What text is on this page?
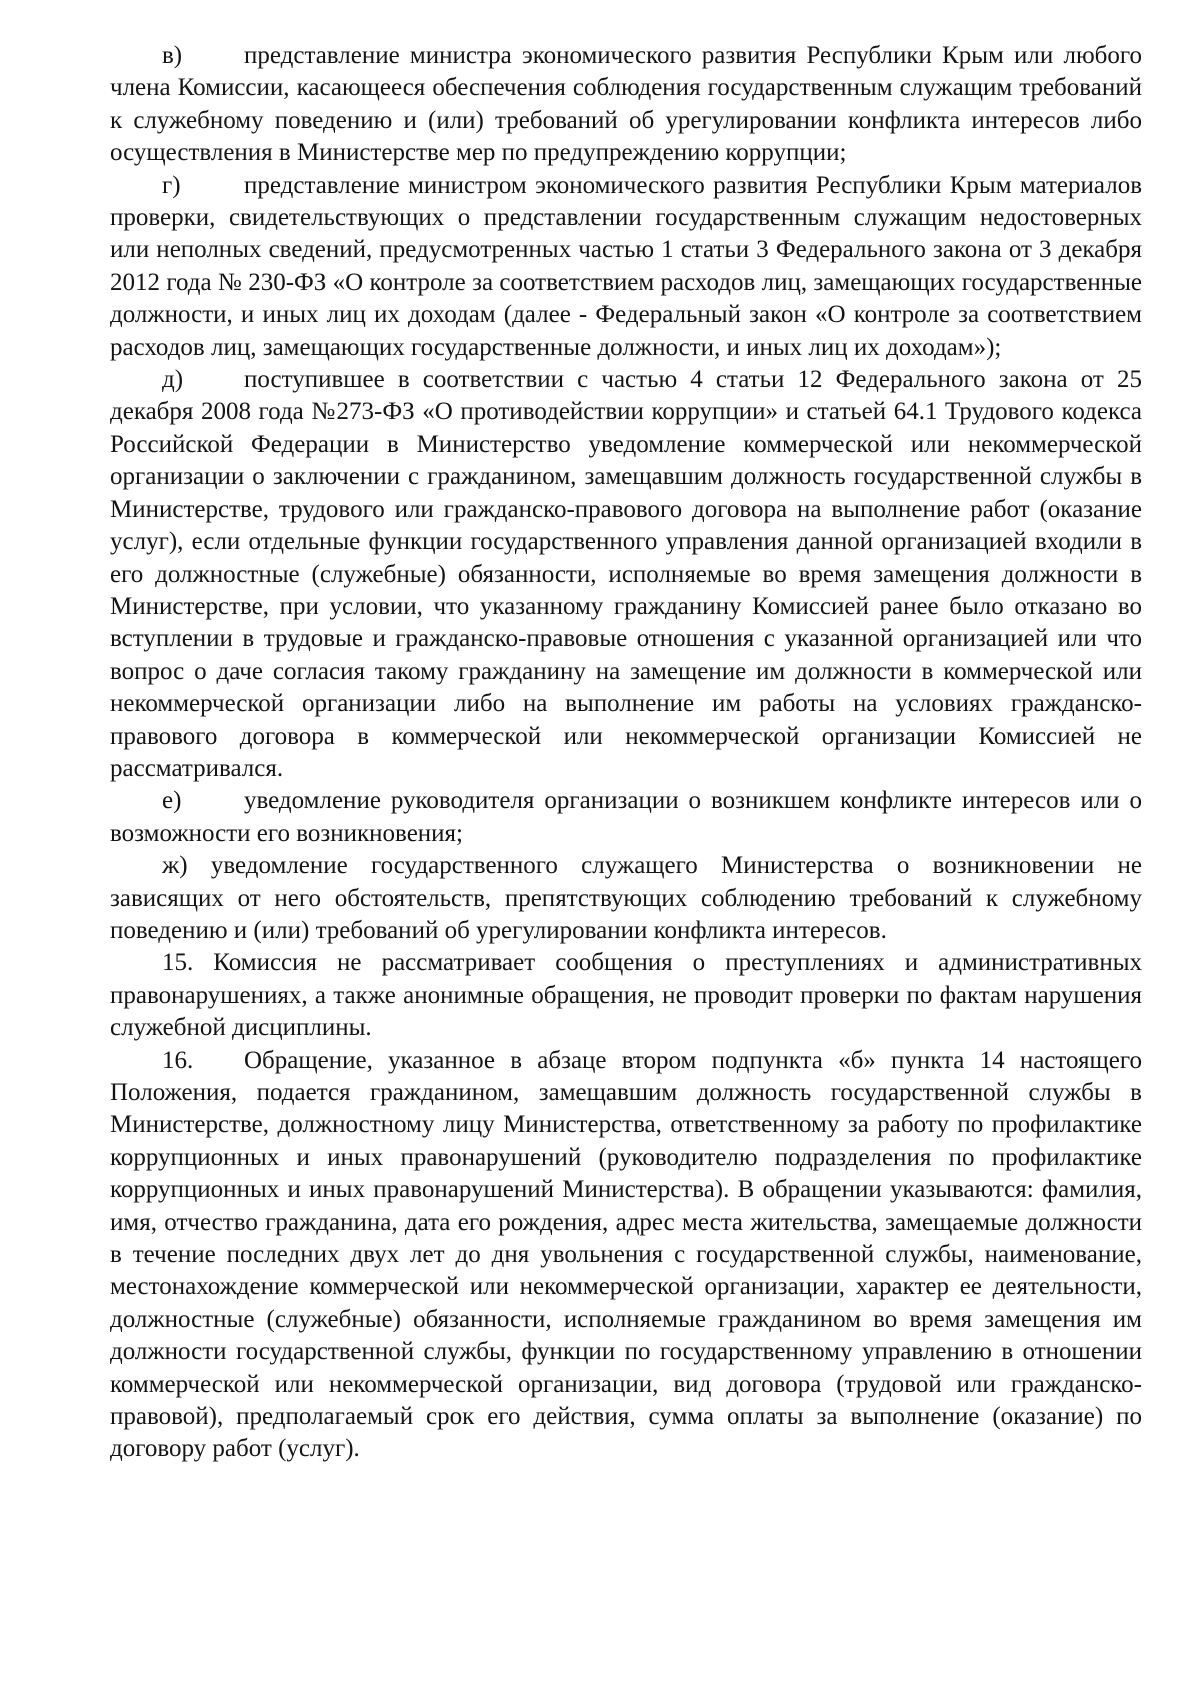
в) представление министра экономического развития Республики Крым или любого члена Комиссии, касающееся обеспечения соблюдения государственным служащим требований к служебному поведению и (или) требований об урегулировании конфликта интересов либо осуществления в Министерстве мер по предупреждению коррупции;

г)	представление министром экономического развития Республики Крым материалов проверки, свидетельствующих о представлении государственным служащим недостоверных или неполных сведений, предусмотренных частью 1 статьи 3 Федерального закона от 3 декабря 2012 года № 230-ФЗ «О контроле за соответствием расходов лиц, замещающих государственные должности, и иных лиц их доходам (далее - Федеральный закон «О контроле за соответствием расходов лиц, замещающих государственные должности, и иных лиц их доходам»);

д) поступившее в соответствии с частью 4 статьи 12 Федерального закона от 25 декабря 2008 года №273-ФЗ «О противодействии коррупции» и статьей 64.1 Трудового кодекса Российской Федерации в Министерство уведомление коммерческой или некоммерческой организации о заключении с гражданином, замещавшим должность государственной службы в Министерстве, трудового или гражданско-правового договора на выполнение работ (оказание услуг), если отдельные функции государственного управления данной организацией входили в его должностные (служебные) обязанности, исполняемые во время замещения должности в Министерстве, при условии, что указанному гражданину Комиссией ранее было отказано во вступлении в трудовые и гражданско-правовые отношения с указанной организацией или что вопрос о даче согласия такому гражданину на замещение им должности в коммерческой или некоммерческой организации либо на выполнение им работы на условиях гражданско-правового договора в коммерческой или некоммерческой организации Комиссией не рассматривался.

е)	уведомление руководителя организации о возникшем конфликте интересов или о возможности его возникновения;

ж) уведомление государственного служащего Министерства о возникновении не зависящих от него обстоятельств, препятствующих соблюдению требований к служебному поведению и (или) требований об урегулировании конфликта интересов.

15. Комиссия не рассматривает сообщения о преступлениях и административных правонарушениях, а также анонимные обращения, не проводит проверки по фактам нарушения служебной дисциплины.

16. Обращение, указанное в абзаце втором подпункта «б» пункта 14 настоящего Положения, подается гражданином, замещавшим должность государственной службы в Министерстве, должностному лицу Министерства, ответственному за работу по профилактике коррупционных и иных правонарушений (руководителю подразделения по профилактике коррупционных и иных правонарушений Министерства). В обращении указываются: фамилия, имя, отчество гражданина, дата его рождения, адрес места жительства, замещаемые должности в течение последних двух лет до дня увольнения с государственной службы, наименование, местонахождение коммерческой или некоммерческой организации, характер ее деятельности, должностные (служебные) обязанности, исполняемые гражданином во время замещения им должности государственной службы, функции по государственному управлению в отношении коммерческой или некоммерческой организации, вид договора (трудовой или гражданско-правовой), предполагаемый срок его действия, сумма оплаты за выполнение (оказание) по договору работ (услуг).
